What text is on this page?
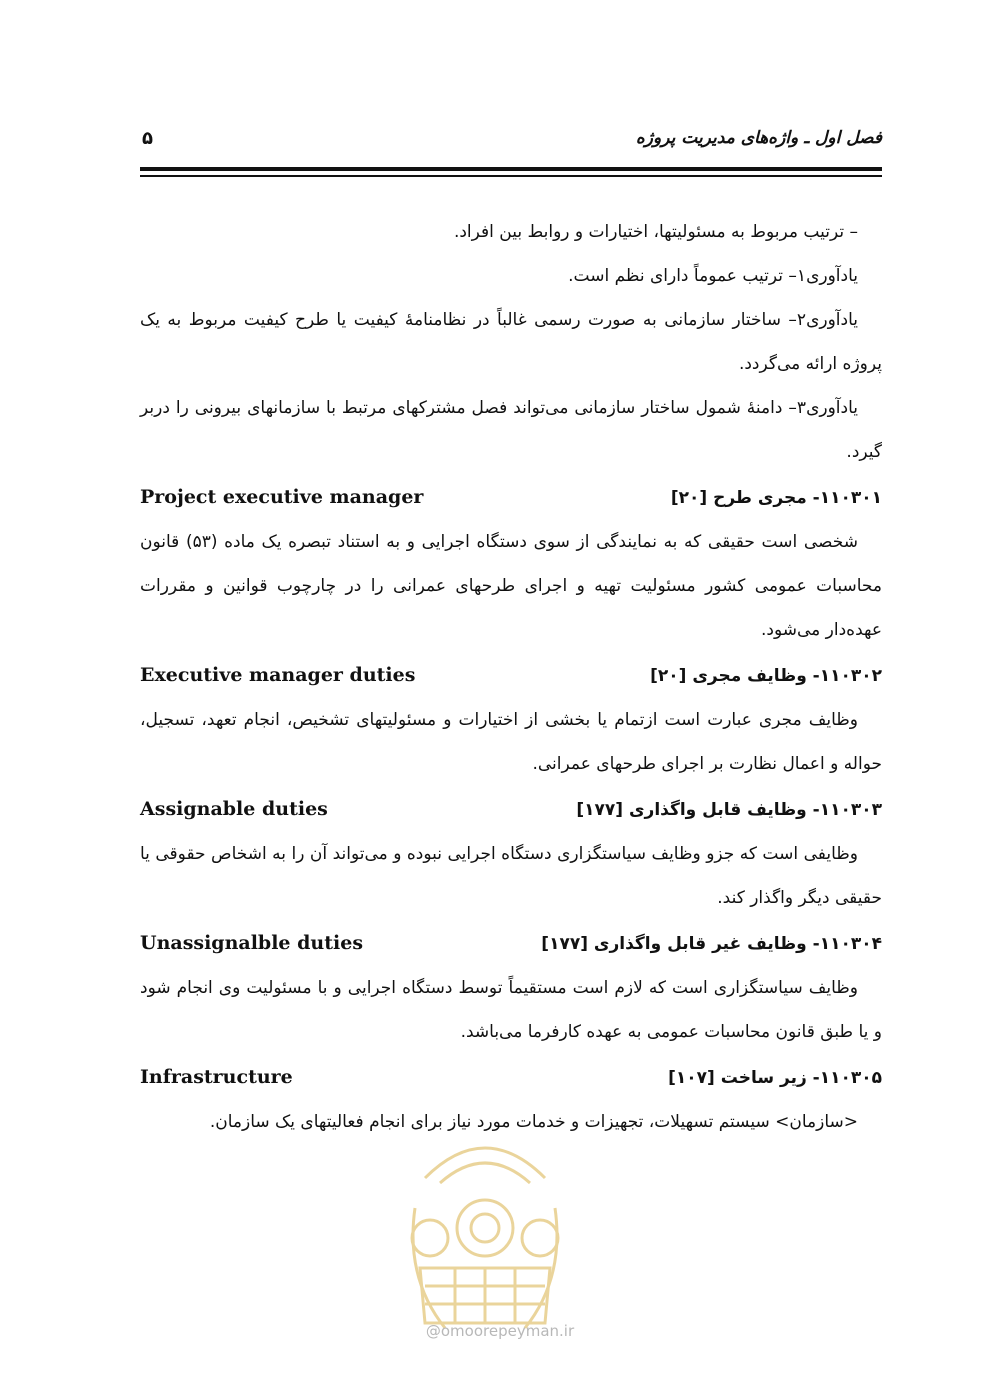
فصل اول ـ واژه‌های مدیریت پروژه
۵

– ترتیب مربوط به مسئولیتها، اختیارات و روابط بین افراد.

یادآوری۱– ترتیب عموماً دارای نظم است.

یادآوری۲– ساختار سازمانی به صورت رسمی غالباً در نظامنامهٔ کیفیت یا طرح کیفیت مربوط به یک پروژه ارائه می‌گردد.

یادآوری۳– دامنهٔ شمول ساختار سازمانی می‌تواند فصل مشترکهای مرتبط با سازمانهای بیرونی را دربر گیرد.

۱۱۰۳۰۱- مجری طرح [۲۰]
Project executive manager

شخصی است حقیقی که به نمایندگی از سوی دستگاه اجرایی و به استناد تبصره یک ماده (۵۳) قانون محاسبات عمومی کشور مسئولیت تهیه و اجرای طرحهای عمرانی را در چارچوب قوانین و مقررات عهده‌دار می‌شود.

۱۱۰۳۰۲- وظایف مجری [۲۰]
Executive manager duties

وظایف مجری عبارت است ازتمام یا بخشی از اختیارات و مسئولیتهای تشخیص، انجام تعهد، تسجیل، حواله و اعمال نظارت بر اجرای طرحهای عمرانی.

۱۱۰۳۰۳- وظایف قابل واگذاری [۱۷۷]
Assignable duties

وظایفی است که جزو وظایف سیاستگزاری دستگاه اجرایی نبوده و می‌تواند آن را به اشخاص حقوقی یا حقیقی دیگر واگذار کند.

۱۱۰۳۰۴- وظایف غیر قابل واگذاری [۱۷۷]
Unassignalble duties

وظایف سیاستگزاری است که لازم است مستقیماً توسط دستگاه اجرایی و با مسئولیت وی انجام شود و یا طبق قانون محاسبات عمومی به عهده کارفرما می‌باشد.

۱۱۰۳۰۵- زیر ساخت [۱۰۷]
Infrastructure

<سازمان> سیستم تسهیلات، تجهیزات و خدمات مورد نیاز برای انجام فعالیتهای یک سازمان.

@omoorepeyman.ir
